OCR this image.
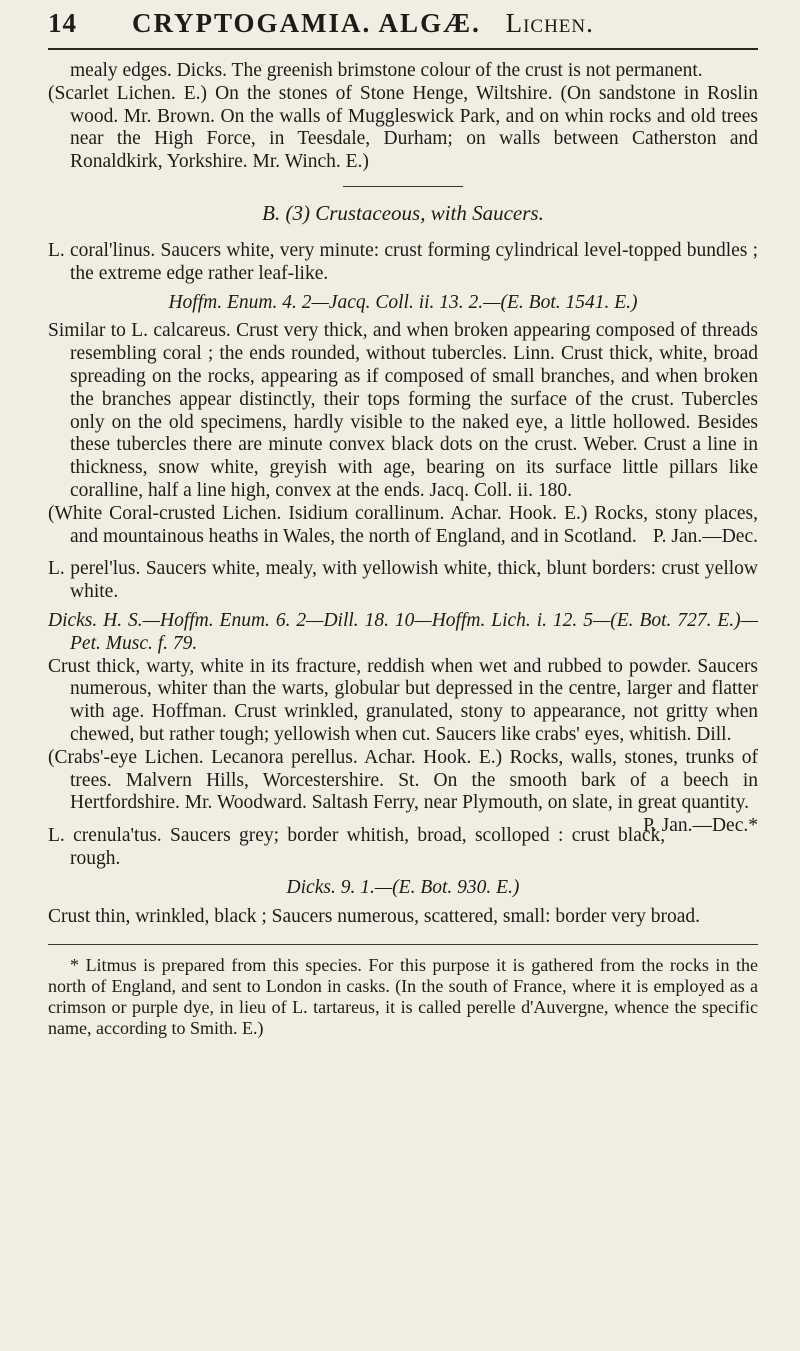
14	CRYPTOGAMIA. ALGÆ. Lichen.

mealy edges. Dicks. The greenish brimstone colour of the crust is not permanent.

(Scarlet Lichen. E.) On the stones of Stone Henge, Wiltshire. (On sandstone in Roslin wood. Mr. Brown. On the walls of Muggleswick Park, and on whin rocks and old trees near the High Force, in Teesdale, Durham; on walls between Catherston and Ronaldkirk, Yorkshire. Mr. Winch. E.)

B. (3) Crustaceous, with Saucers.

L. coral'linus. Saucers white, very minute: crust forming cylindrical level-topped bundles ; the extreme edge rather leaf-like.

Hoffm. Enum. 4. 2—Jacq. Coll. ii. 13. 2.—(E. Bot. 1541. E.)

Similar to L. calcareus. Crust very thick, and when broken appearing composed of threads resembling coral ; the ends rounded, without tubercles. Linn. Crust thick, white, broad spreading on the rocks, appearing as if composed of small branches, and when broken the branches appear distinctly, their tops forming the surface of the crust. Tubercles only on the old specimens, hardly visible to the naked eye, a little hollowed. Besides these tubercles there are minute convex black dots on the crust. Weber. Crust a line in thickness, snow white, greyish with age, bearing on its surface little pillars like coralline, half a line high, convex at the ends. Jacq. Coll. ii. 180.

(White Coral-crusted Lichen. Isidium corallinum. Achar. Hook. E.) Rocks, stony places, and mountainous heaths in Wales, the north of England, and in Scotland. P. Jan.—Dec.

L. perel'lus. Saucers white, mealy, with yellowish white, thick, blunt borders: crust yellow white.

Dicks. H. S.—Hoffm. Enum. 6. 2—Dill. 18. 10—Hoffm. Lich. i. 12. 5—(E. Bot. 727. E.)—Pet. Musc. f. 79.

Crust thick, warty, white in its fracture, reddish when wet and rubbed to powder. Saucers numerous, whiter than the warts, globular but depressed in the centre, larger and flatter with age. Hoffman. Crust wrinkled, granulated, stony to appearance, not gritty when chewed, but rather tough; yellowish when cut. Saucers like crabs' eyes, whitish. Dill.

(Crabs'-eye Lichen. Lecanora perellus. Achar. Hook. E.) Rocks, walls, stones, trunks of trees. Malvern Hills, Worcestershire. St. On the smooth bark of a beech in Hertfordshire. Mr. Woodward. Saltash Ferry, near Plymouth, on slate, in great quantity.
P. Jan.—Dec.*

L. crenula'tus. Saucers grey; border whitish, broad, scolloped : crust black, rough.

Dicks. 9. 1.—(E. Bot. 930. E.)

Crust thin, wrinkled, black ; Saucers numerous, scattered, small: border very broad.

* Litmus is prepared from this species. For this purpose it is gathered from the rocks in the north of England, and sent to London in casks. (In the south of France, where it is employed as a crimson or purple dye, in lieu of L. tartareus, it is called perelle d'Auvergne, whence the specific name, according to Smith. E.)
